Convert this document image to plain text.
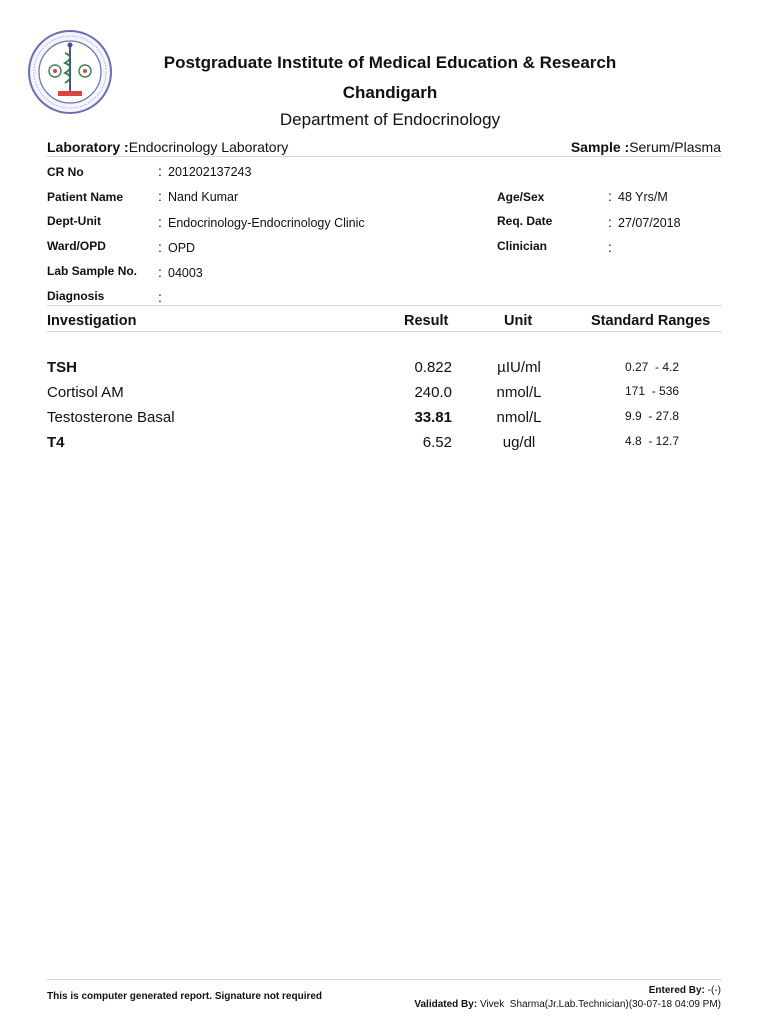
Postgraduate Institute of Medical Education & Research
Chandigarh
Department of Endocrinology
Laboratory :Endocrinology Laboratory	Sample :Serum/Plasma
CR No	: 201202137243
Patient Name : Nand Kumar
Dept-Unit	: Endocrinology-Endocrinology Clinic
Ward/OPD	: OPD
Lab Sample No. : 04003
Diagnosis	:
Age/Sex	: 48 Yrs/M
Req. Date	: 27/07/2018
Clinician	:
Investigation	Result	Unit	Standard Ranges
TSH	0.822	µIU/ml	0.27  - 4.2
Cortisol AM	240.0	nmol/L	171  - 536
Testosterone Basal	33.81	nmol/L	9.9  - 27.8
T4	6.52	ug/dl	4.8  - 12.7
This is computer generated report. Signature not required
Entered By: -(-)
Validated By: Vivek  Sharma(Jr.Lab.Technician)(30-07-18 04:09 PM)
